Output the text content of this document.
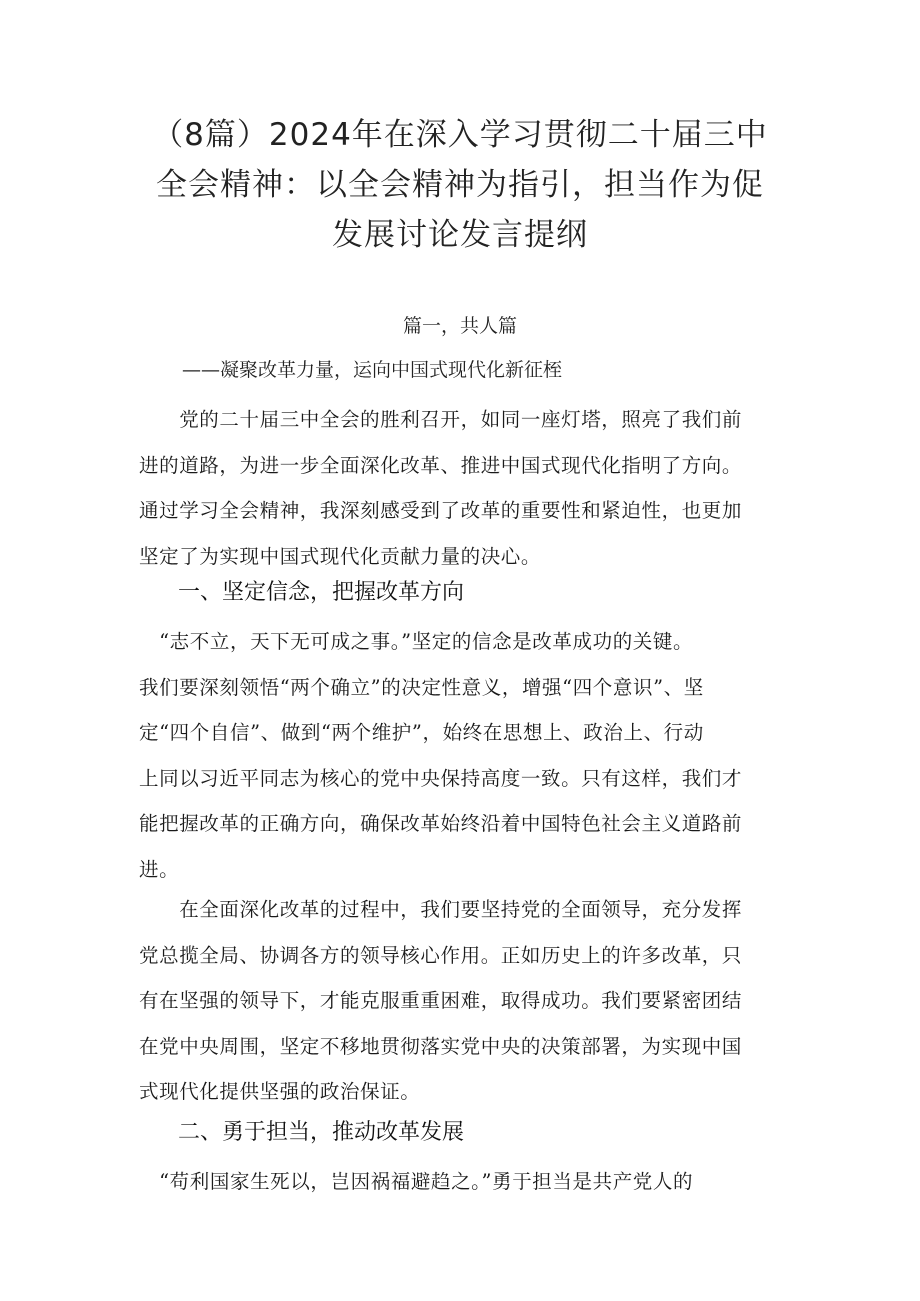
（8篇）2024年在深入学习贯彻二十届三中
全会精神：以全会精神为指引，担当作为促
发展讨论发言提纲
篇一，共人篇
——凝聚改革力量，运向中国式现代化新征桎
　　党的二十届三中全会的胜利召开，如同一座灯塔，照亮了我们前
进的道路，为进一步全面深化改革、推进中国式现代化指明了方向。
通过学习全会精神，我深刻感受到了改革的重要性和紧迫性，也更加
坚定了为实现中国式现代化贡献力量的决心。
一、坚定信念，把握改革方向
　“志不立，天下无可成之事。”坚定的信念是改革成功的关键。
我们要深刻领悟“两个确立”的决定性意义，增强“四个意识”、坚
定“四个自信”、做到“两个维护”，始终在思想上、政治上、行动
上同以习近平同志为核心的党中央保持高度一致。只有这样，我们才
能把握改革的正确方向，确保改革始终沿着中国特色社会主义道路前
进。
　　在全面深化改革的过程中，我们要坚持党的全面领导，充分发挥
党总揽全局、协调各方的领导核心作用。正如历史上的许多改革，只
有在坚强的领导下，才能克服重重困难，取得成功。我们要紧密团结
在党中央周围，坚定不移地贯彻落实党中央的决策部署，为实现中国
式现代化提供坚强的政治保证。
二、勇于担当，推动改革发展
　“苟利国家生死以，岂因祸福避趋之。”勇于担当是共产党人的
